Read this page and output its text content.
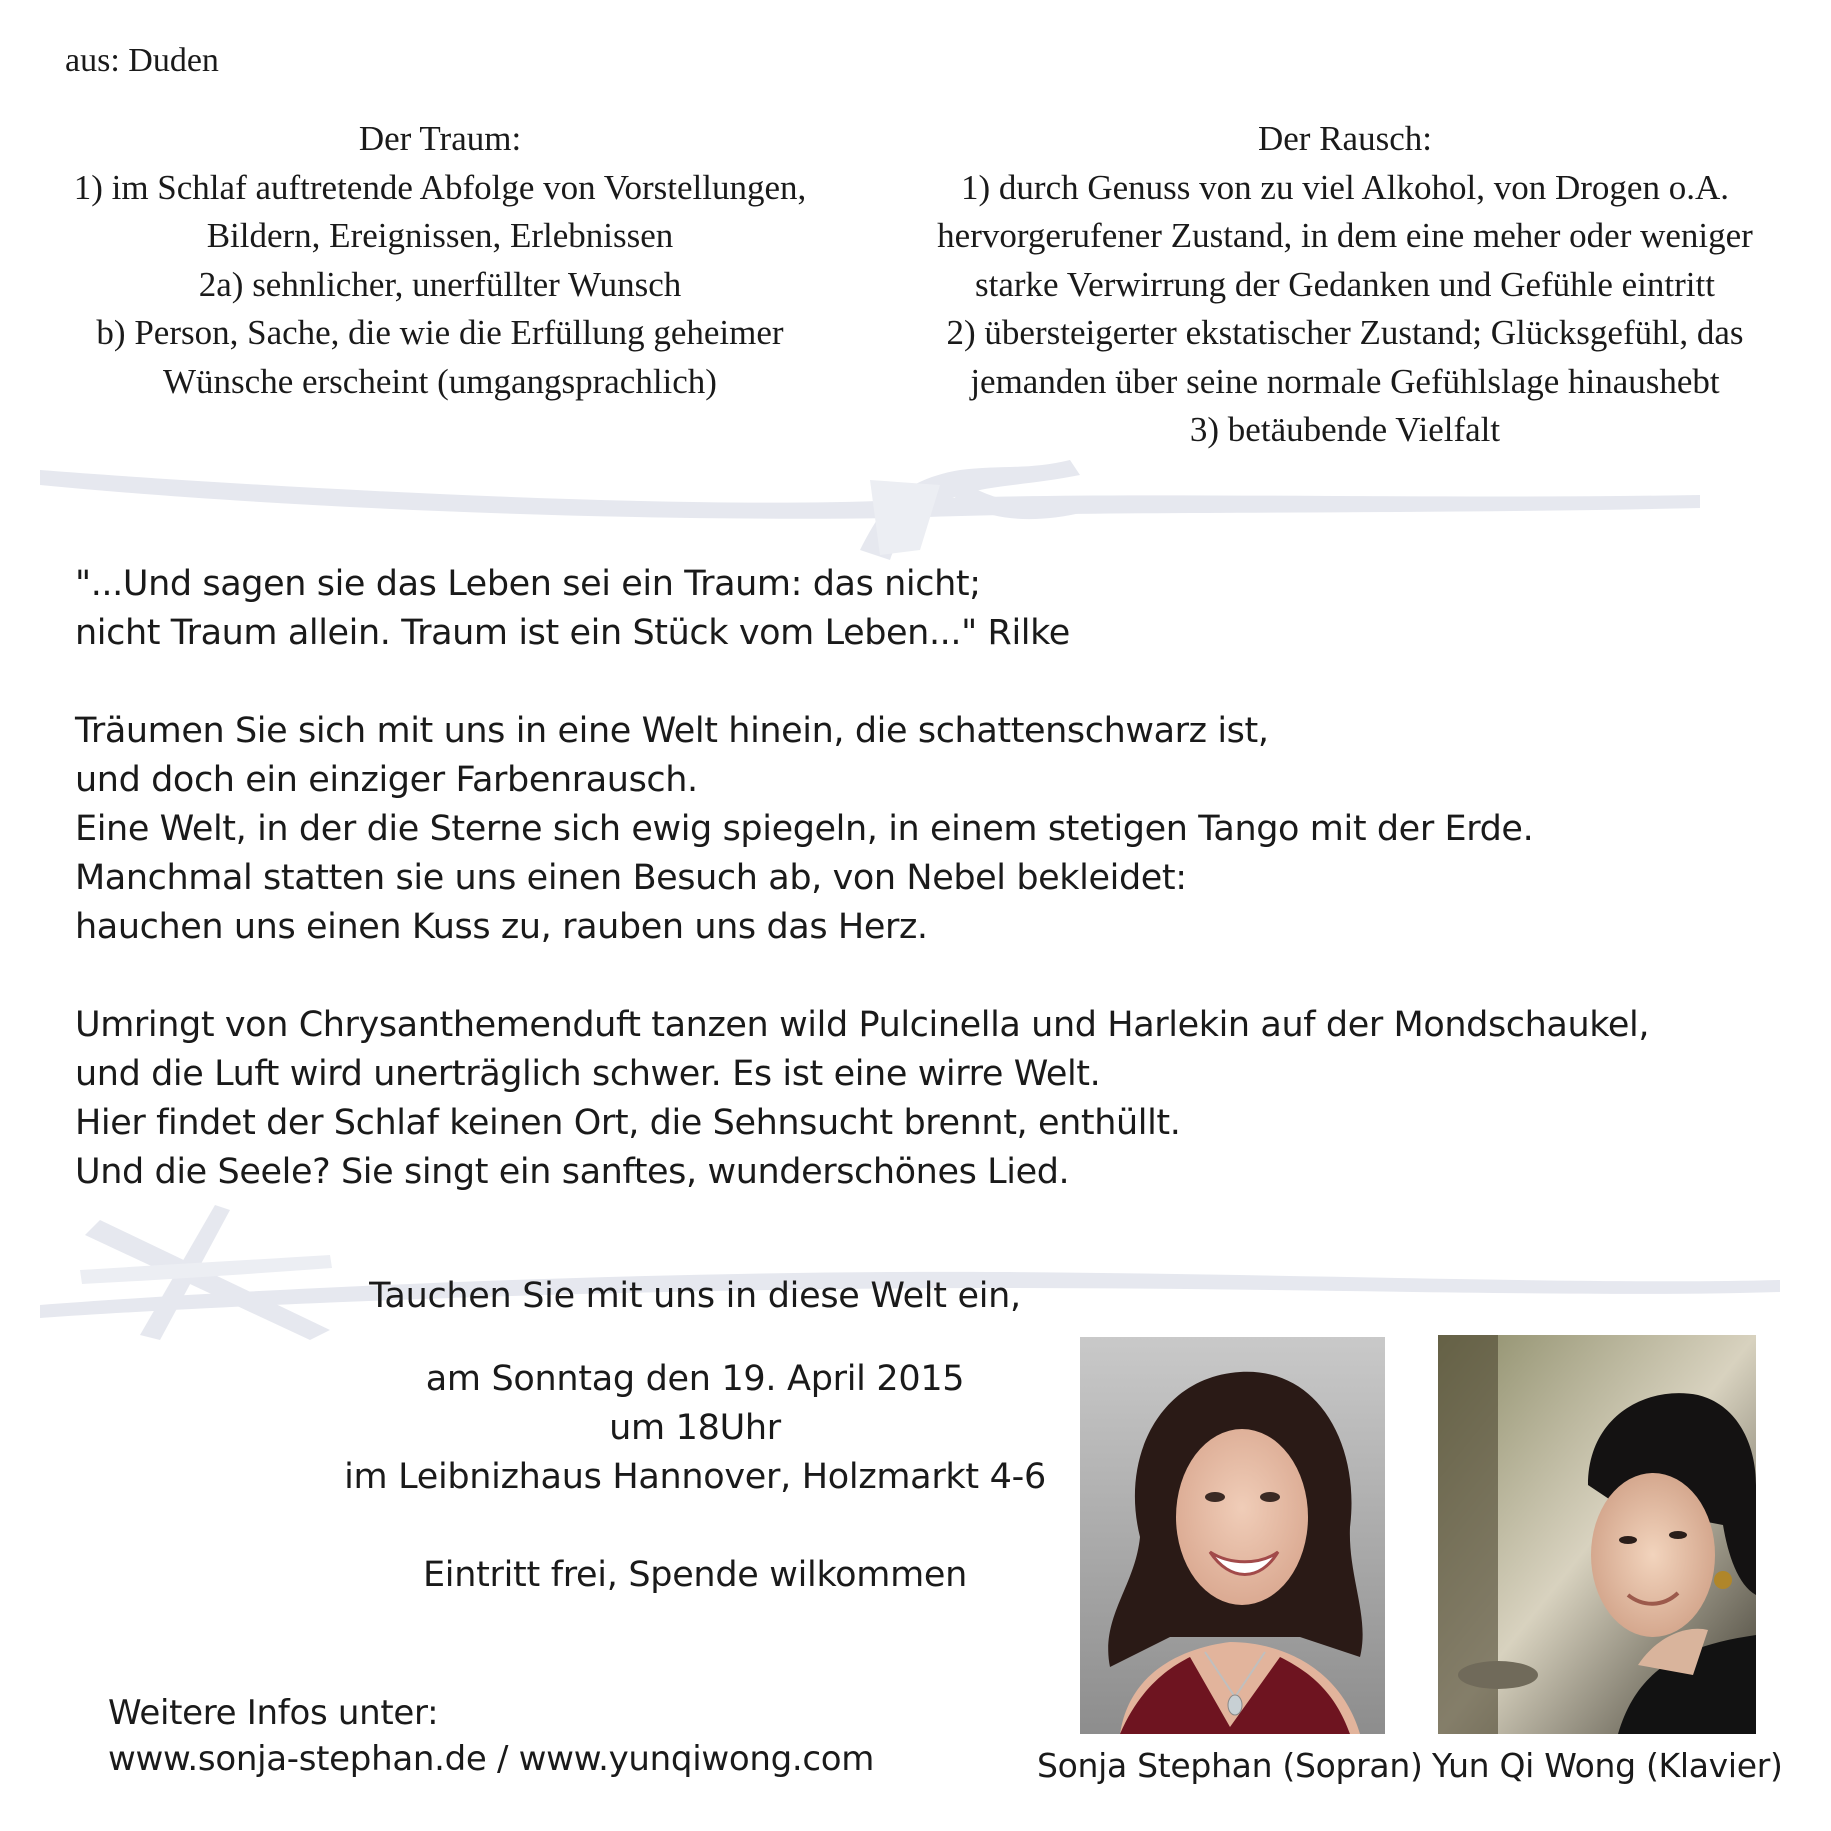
aus: Duden
Der Traum:
1) im Schlaf auftretende Abfolge von Vorstellungen,
Bildern, Ereignissen, Erlebnissen
2a) sehnlicher, unerfüllter Wunsch
b) Person, Sache, die wie die Erfüllung geheimer
Wünsche erscheint (umgangsprachlich)
Der Rausch:
1) durch Genuss von zu viel Alkohol, von Drogen o.A.
hervorgerufener Zustand, in dem eine meher oder weniger
starke Verwirrung der Gedanken und Gefühle eintritt
2) übersteigerter ekstatischer Zustand; Glücksgefühl, das
jemanden über seine normale Gefühlslage hinaushebt
3) betäubende Vielfalt
"...Und sagen sie das Leben sei ein Traum: das nicht;
nicht Traum allein. Traum ist ein Stück vom Leben..." Rilke
Träumen Sie sich mit uns in eine Welt hinein, die schattenschwarz ist,
und doch ein einziger Farbenrausch.
Eine Welt, in der die Sterne sich ewig spiegeln, in einem stetigen Tango mit der Erde.
Manchmal statten sie uns einen Besuch ab, von Nebel bekleidet:
hauchen uns einen Kuss zu, rauben uns das Herz.
Umringt von Chrysanthemenduft tanzen wild Pulcinella und Harlekin auf der Mondschaukel,
und die Luft wird unerträglich schwer. Es ist eine wirre Welt.
Hier findet der Schlaf keinen Ort, die Sehnsucht brennt, enthüllt.
Und die Seele? Sie singt ein sanftes, wunderschönes Lied.
Tauchen Sie mit uns in diese Welt ein,
am Sonntag den 19. April 2015
um 18Uhr
im Leibnizhaus Hannover, Holzmarkt 4-6
Eintritt frei, Spende wilkommen
Weitere Infos unter:
www.sonja-stephan.de / www.yunqiwong.com	Sonja Stephan (Sopran) Yun Qi Wong (Klavier)
